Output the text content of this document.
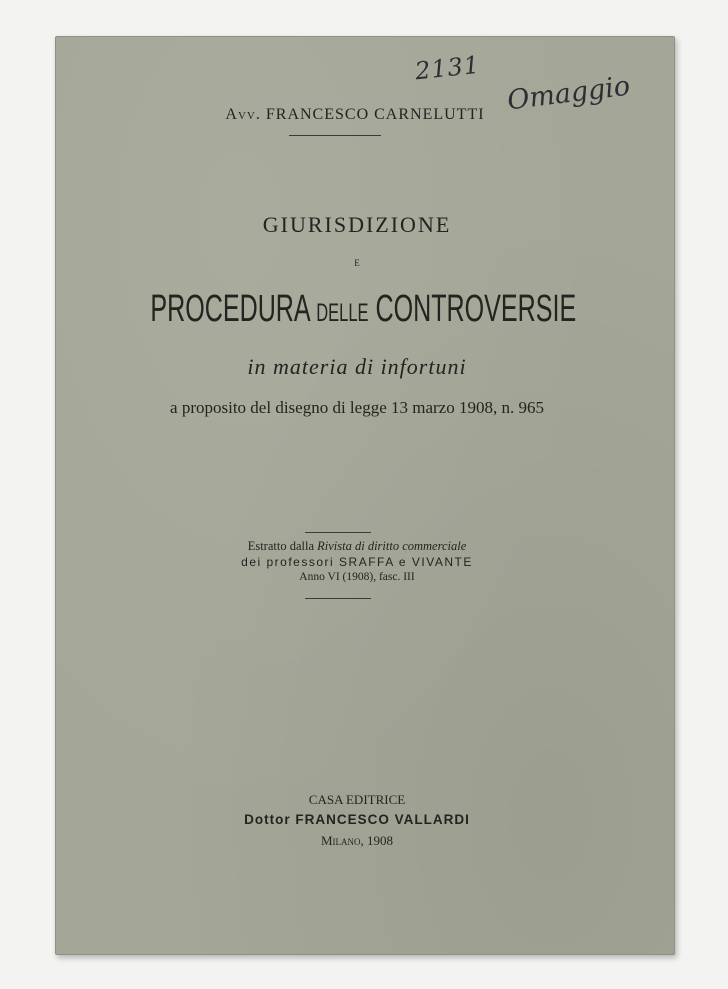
2131
Omaggio
Avv. FRANCESCO CARNELUTTI
GIURISDIZIONE
E
PROCEDURA DELLE CONTROVERSIE
in materia di infortuni
a proposito del disegno di legge 13 marzo 1908, n. 965
Estratto dalla Rivista di diritto commerciale
dei professori SRAFFA e VIVANTE
Anno VI (1908), fasc. III
CASA EDITRICE
Dottor FRANCESCO VALLARDI
Milano, 1908
